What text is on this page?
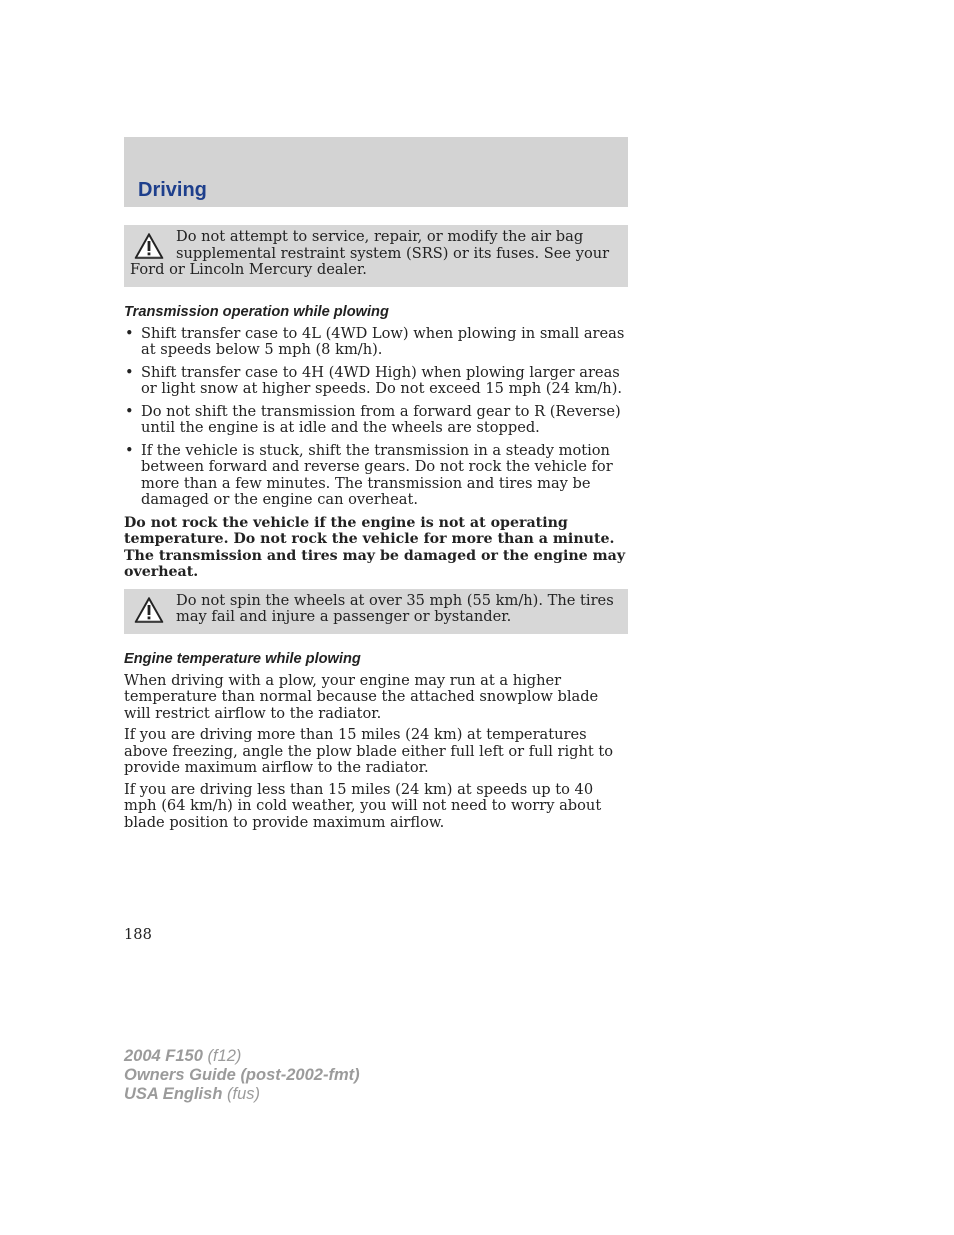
Driving

Do not attempt to service, repair, or modify the air bag supplemental restraint system (SRS) or its fuses. See your Ford or Lincoln Mercury dealer.

Transmission operation while plowing
• Shift transfer case to 4L (4WD Low) when plowing in small areas at speeds below 5 mph (8 km/h).
• Shift transfer case to 4H (4WD High) when plowing larger areas or light snow at higher speeds. Do not exceed 15 mph (24 km/h).
• Do not shift the transmission from a forward gear to R (Reverse) until the engine is at idle and the wheels are stopped.
• If the vehicle is stuck, shift the transmission in a steady motion between forward and reverse gears. Do not rock the vehicle for more than a few minutes. The transmission and tires may be damaged or the engine can overheat.

Do not rock the vehicle if the engine is not at operating temperature. Do not rock the vehicle for more than a minute. The transmission and tires may be damaged or the engine may overheat.

Do not spin the wheels at over 35 mph (55 km/h). The tires may fail and injure a passenger or bystander.

Engine temperature while plowing

When driving with a plow, your engine may run at a higher temperature than normal because the attached snowplow blade will restrict airflow to the radiator.

If you are driving more than 15 miles (24 km) at temperatures above freezing, angle the plow blade either full left or full right to provide maximum airflow to the radiator.

If you are driving less than 15 miles (24 km) at speeds up to 40 mph (64 km/h) in cold weather, you will not need to worry about blade position to provide maximum airflow.

188
2004 F150 (f12)
Owners Guide (post-2002-fmt)
USA English (fus)
